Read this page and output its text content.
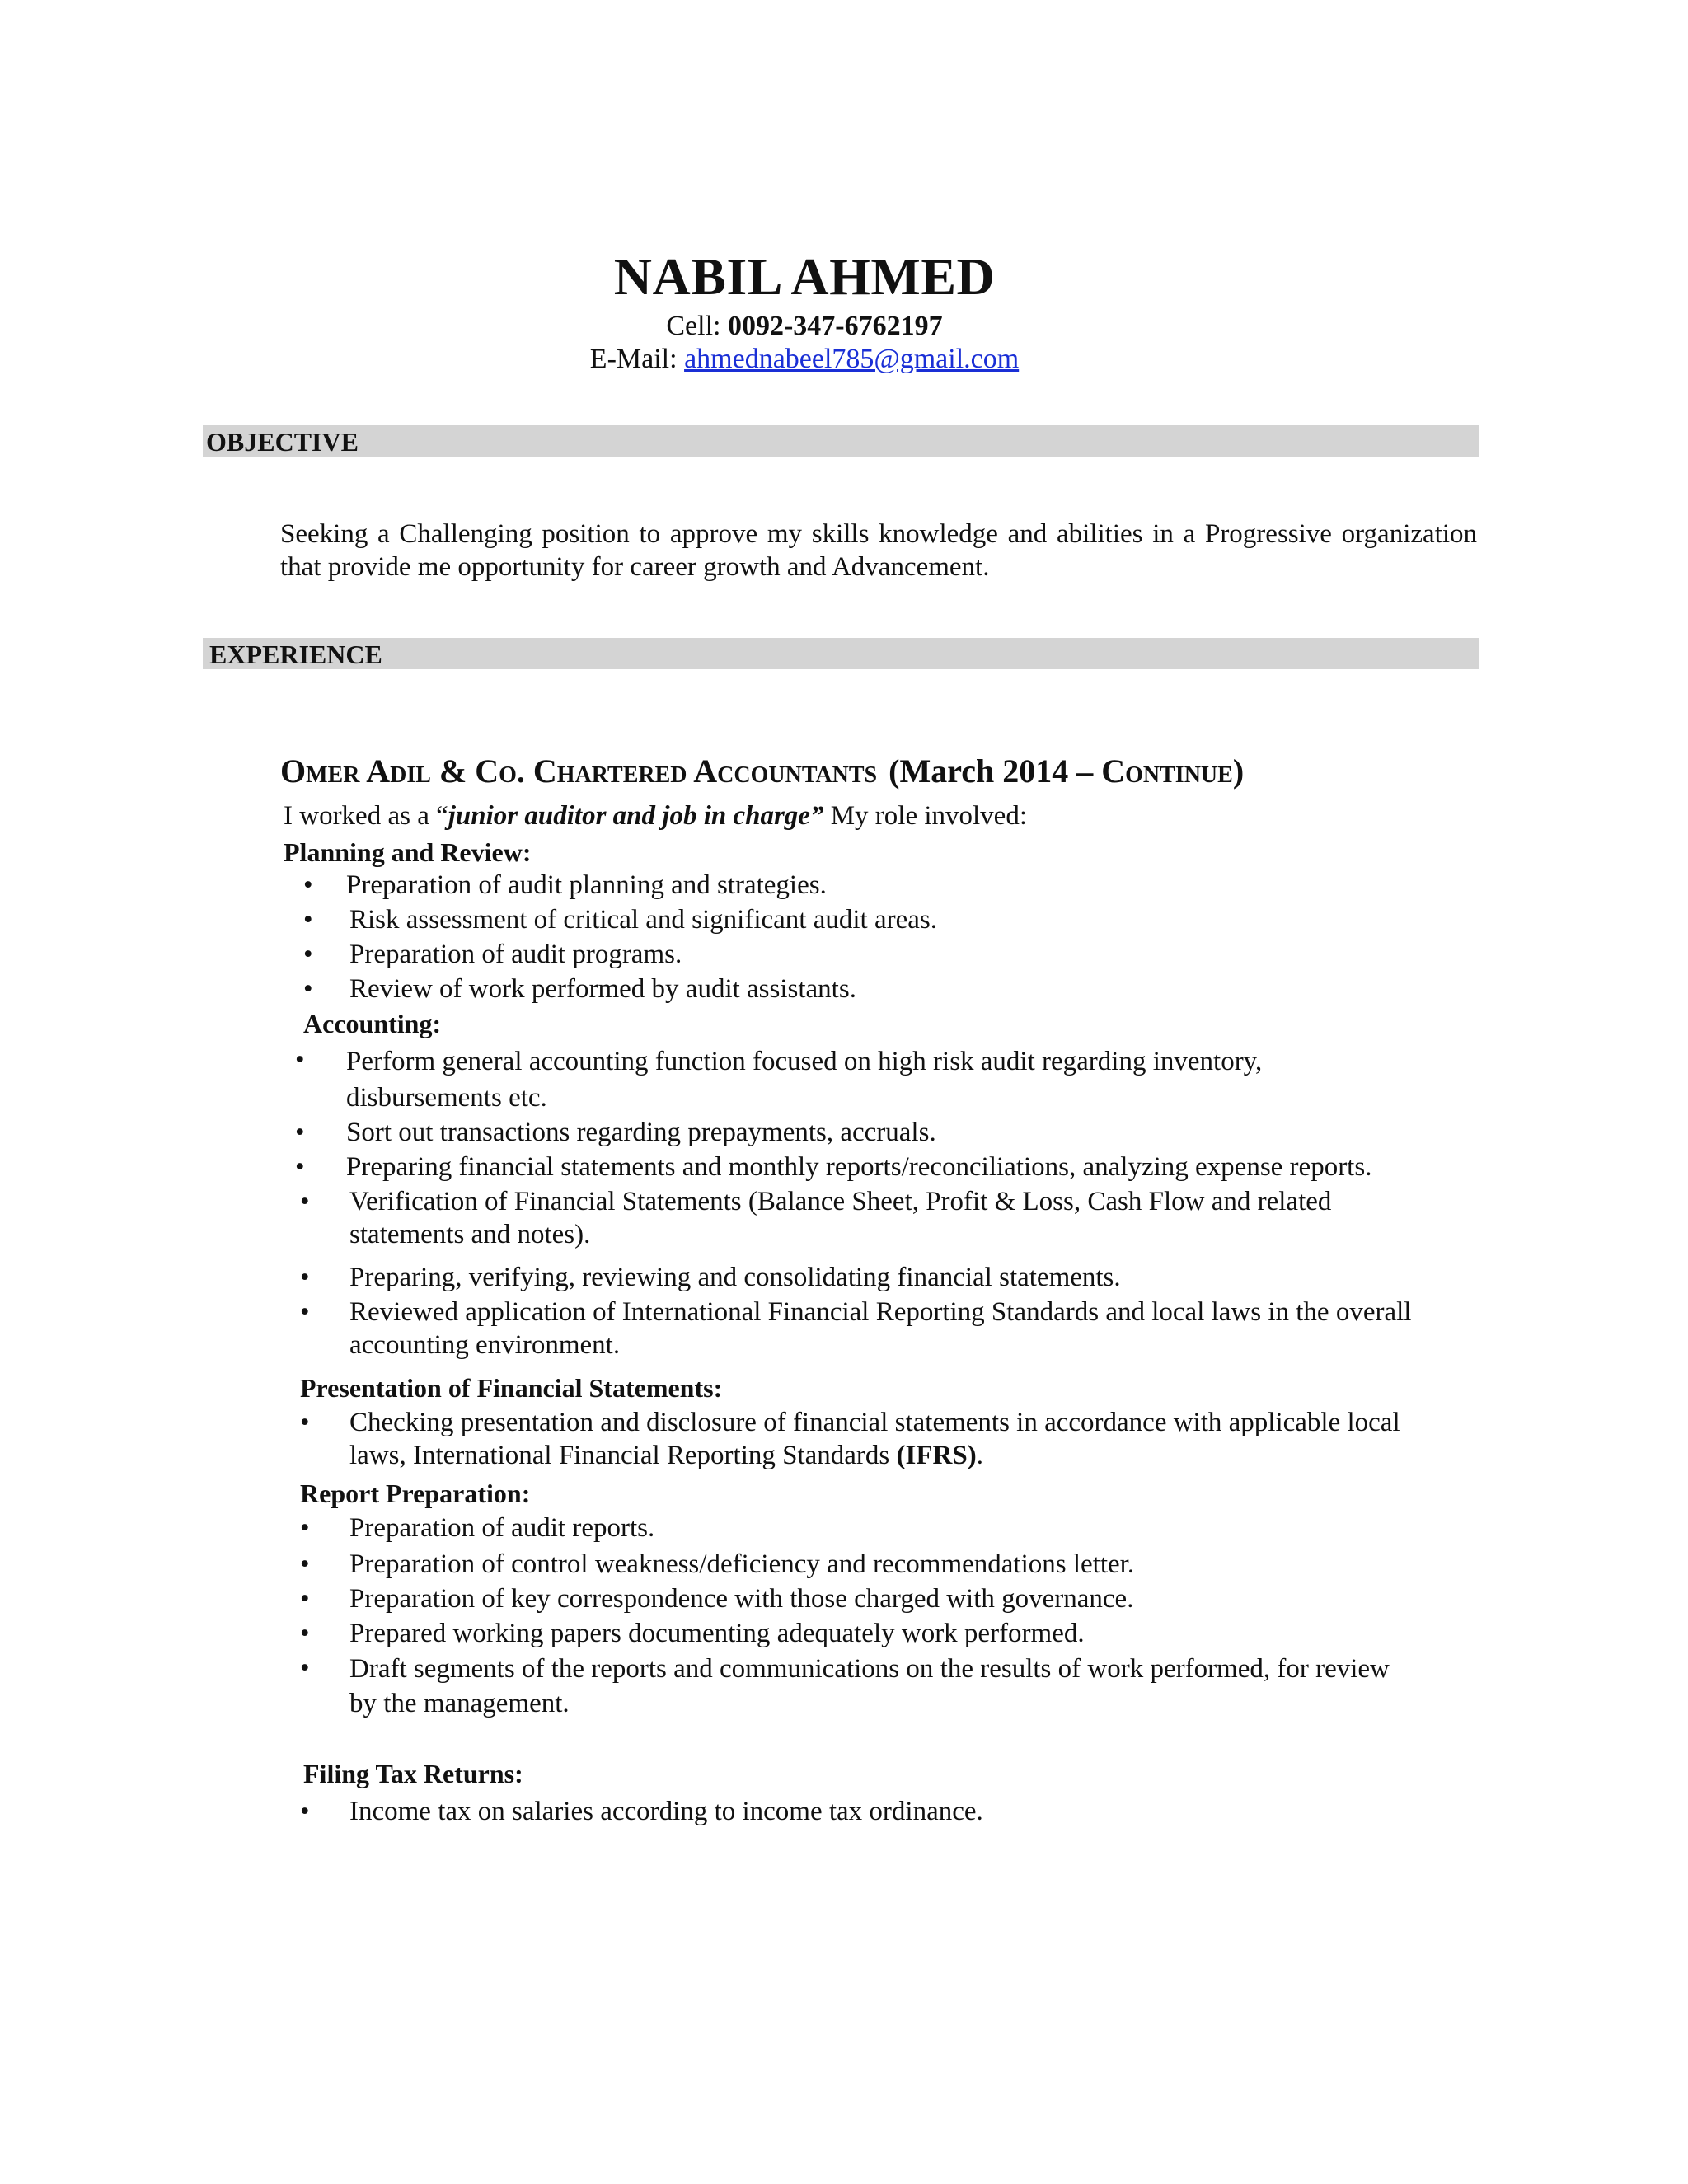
NABIL AHMED
Cell: 0092-347-6762197
E-Mail: ahmednabeel785@gmail.com
OBJECTIVE
Seeking a Challenging position to approve my skills knowledge and abilities in a Progressive organization that provide me opportunity for career growth and Advancement.
EXPERIENCE
Omer Adil & Co. Chartered Accountants (March 2014 – Continue)
I worked as a “junior auditor and job in charge” My role involved:
Planning and Review:
• Preparation of audit planning and strategies.
• Risk assessment of critical and significant audit areas.
• Preparation of audit programs.
• Review of work performed by audit assistants.
Accounting:
• Perform general accounting function focused on high risk audit regarding inventory, disbursements etc.
• Sort out transactions regarding prepayments, accruals.
• Preparing financial statements and monthly reports/reconciliations, analyzing expense reports.
• Verification of Financial Statements (Balance Sheet, Profit & Loss, Cash Flow and related statements and notes).
• Preparing, verifying, reviewing and consolidating financial statements.
• Reviewed application of International Financial Reporting Standards and local laws in the overall accounting environment.
Presentation of Financial Statements:
• Checking presentation and disclosure of financial statements in accordance with applicable local laws, International Financial Reporting Standards (IFRS).
Report Preparation:
• Preparation of audit reports.
• Preparation of control weakness/deficiency and recommendations letter.
• Preparation of key correspondence with those charged with governance.
• Prepared working papers documenting adequately work performed.
• Draft segments of the reports and communications on the results of work performed, for review by the management.
Filing Tax Returns:
• Income tax on salaries according to income tax ordinance.
